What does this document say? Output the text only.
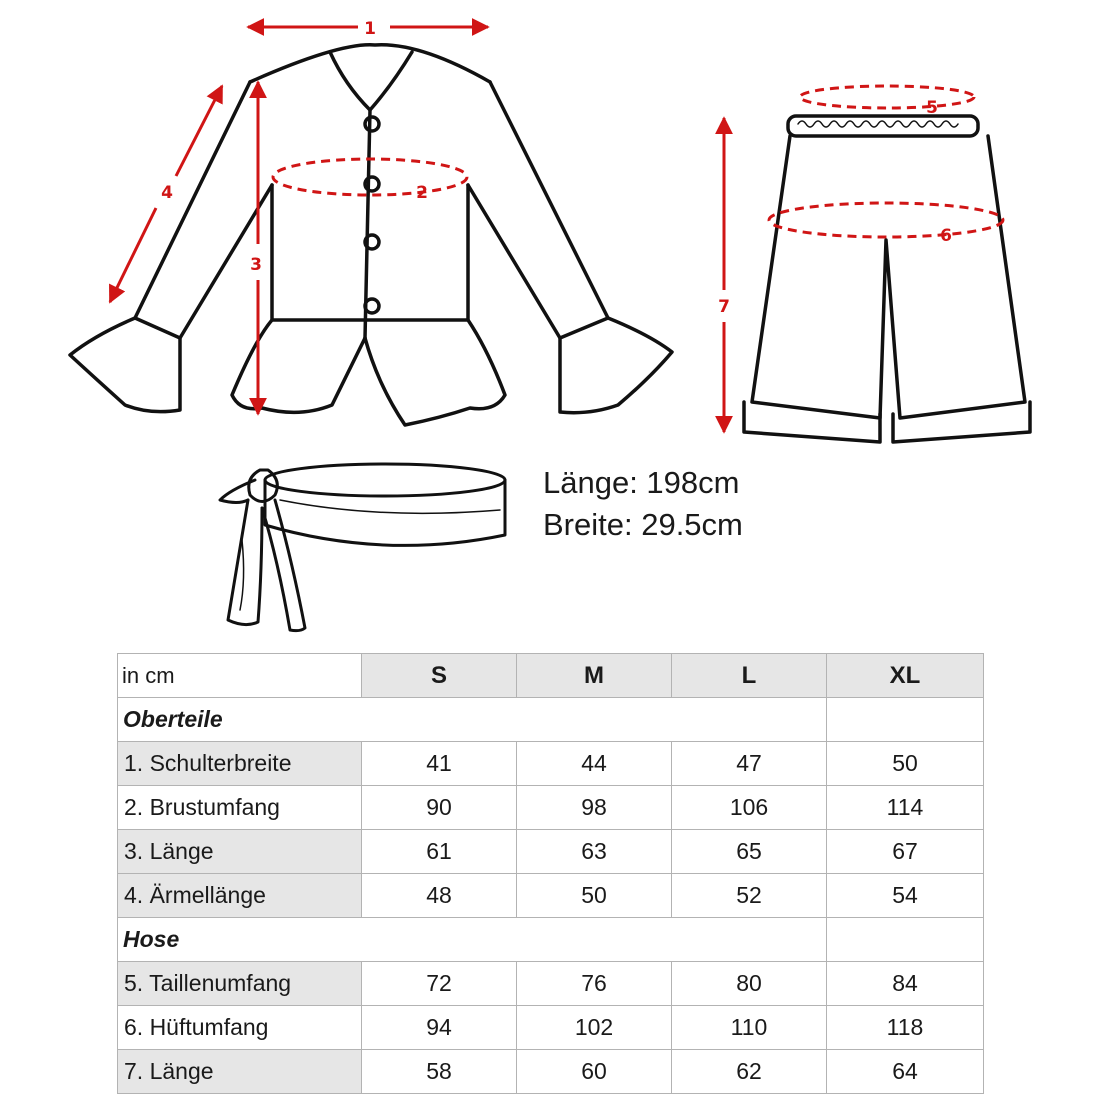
1
2
3
4
5
6
7
Länge: 198cm
Breite: 29.5cm
in cm	S	M	L	XL
Oberteile				
1. Schulterbreite	41	44	47	50
2. Brustumfang	90	98	106	114
3. Länge	61	63	65	67
4. Ärmellänge	48	50	52	54
Hose				
5. Taillenumfang	72	76	80	84
6. Hüftumfang	94	102	110	118
7. Länge	58	60	62	64
